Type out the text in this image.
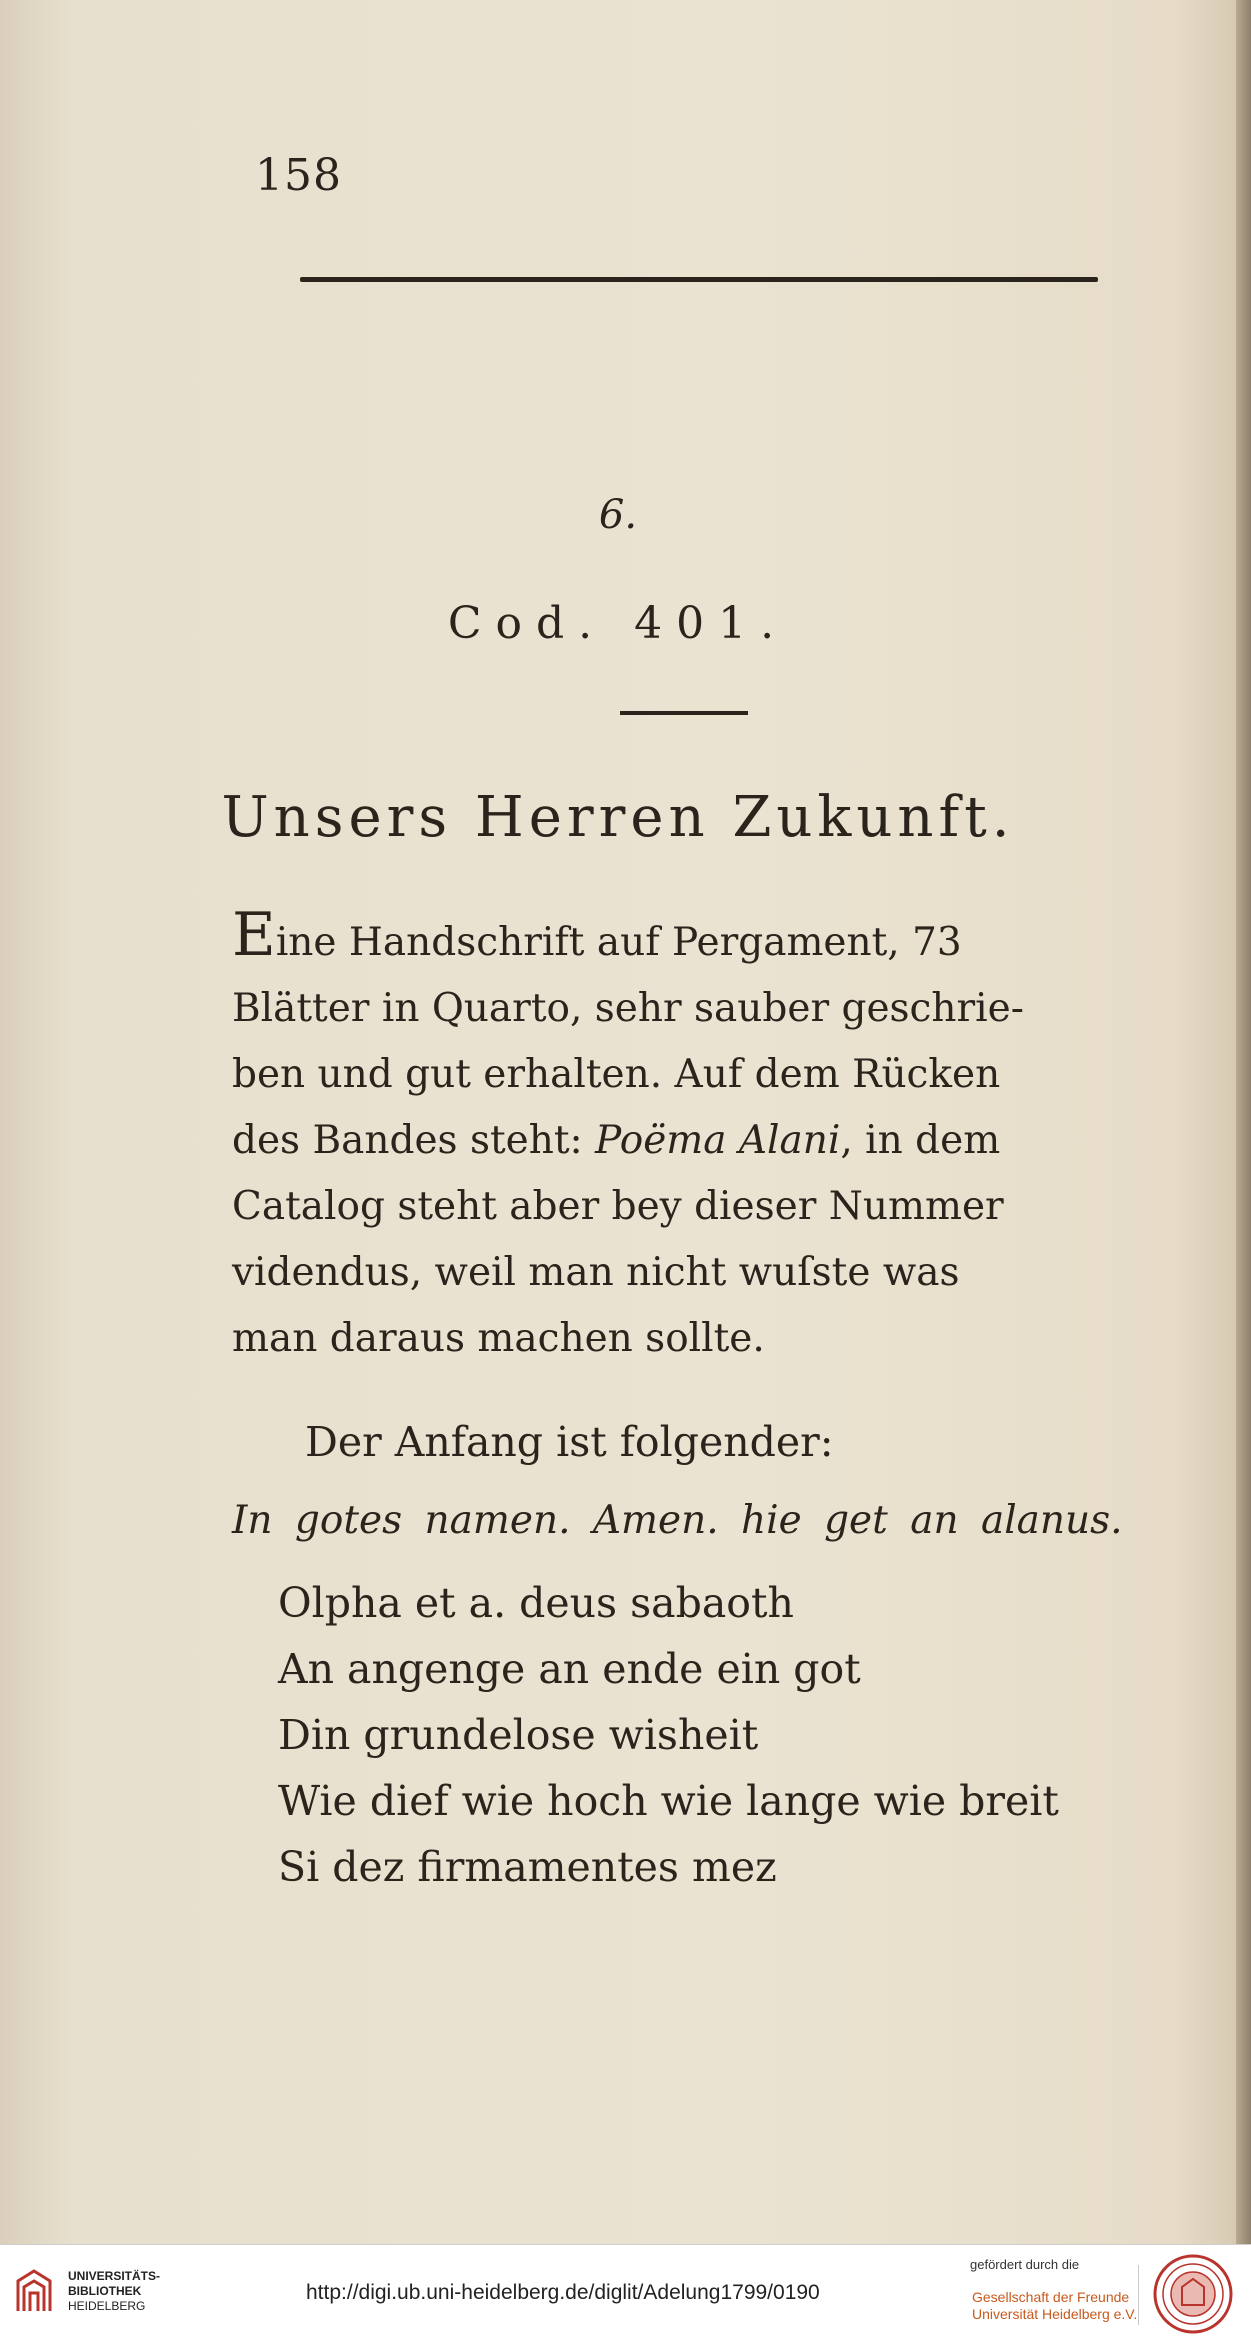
158
6.
Cod. 401.
Unsers Herren Zukunft.
Eine Handschrift auf Pergament, 73
Blätter in Quarto, sehr sauber geschrie-
ben und gut erhalten. Auf dem Rücken
des Bandes steht: Poëma Alani, in dem
Catalog steht aber bey dieser Nummer
videndus, weil man nicht wuſste was
man daraus machen sollte.
Der Anfang ist folgender:
In gotes namen. Amen. hie get an alanus.
Olpha et a. deus sabaoth
An angenge an ende ein got
Din grundelose wisheit
Wie dief wie hoch wie lange wie breit
Si dez firmamentes mez
UNIVERSITÄTS-
BIBLIOTHEK
HEIDELBERG
http://digi.ub.uni-heidelberg.de/diglit/Adelung1799/0190
gefördert durch die
Gesellschaft der Freunde
Universität Heidelberg e.V.
